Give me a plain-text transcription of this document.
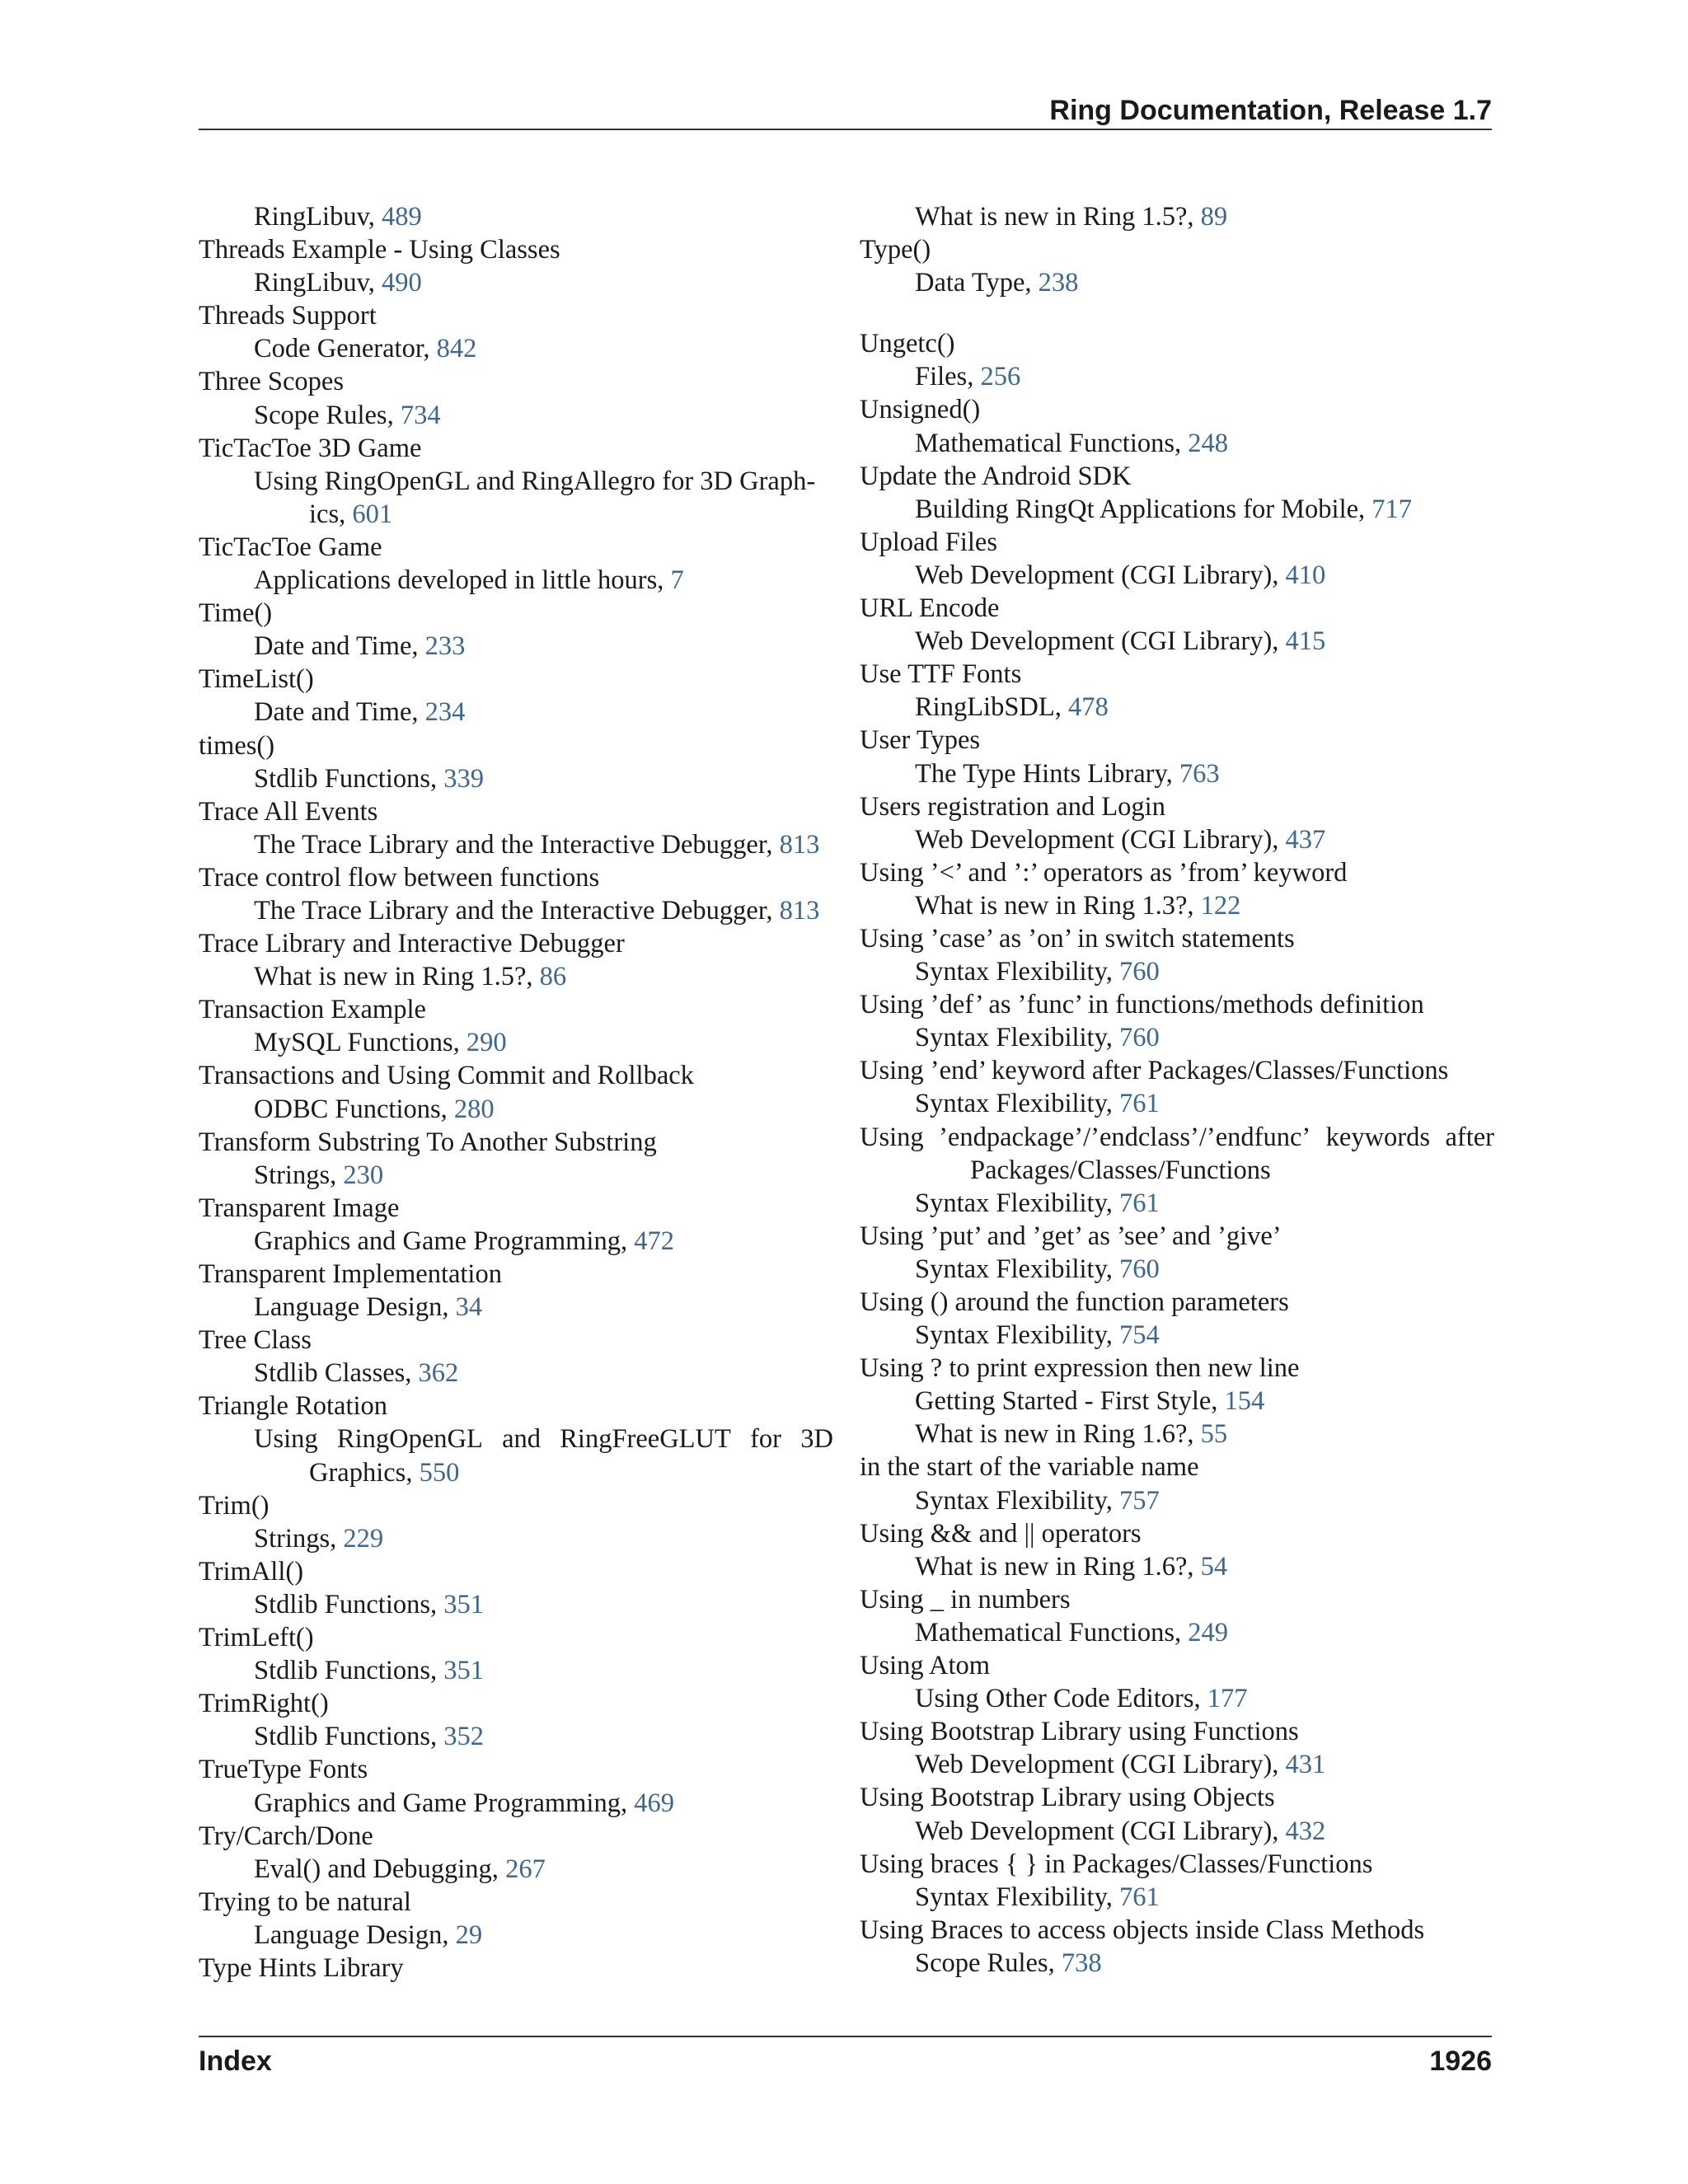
Ring Documentation, Release 1.7
RingLibuv, 489
Threads Example - Using Classes
RingLibuv, 490
Threads Support
Code Generator, 842
Three Scopes
Scope Rules, 734
TicTacToe 3D Game
Using RingOpenGL and RingAllegro for 3D Graph-
ics, 601
TicTacToe Game
Applications developed in little hours, 7
Time()
Date and Time, 233
TimeList()
Date and Time, 234
times()
Stdlib Functions, 339
Trace All Events
The Trace Library and the Interactive Debugger, 813
Trace control flow between functions
The Trace Library and the Interactive Debugger, 813
Trace Library and Interactive Debugger
What is new in Ring 1.5?, 86
Transaction Example
MySQL Functions, 290
Transactions and Using Commit and Rollback
ODBC Functions, 280
Transform Substring To Another Substring
Strings, 230
Transparent Image
Graphics and Game Programming, 472
Transparent Implementation
Language Design, 34
Tree Class
Stdlib Classes, 362
Triangle Rotation
Using RingOpenGL and RingFreeGLUT for 3D
Graphics, 550
Trim()
Strings, 229
TrimAll()
Stdlib Functions, 351
TrimLeft()
Stdlib Functions, 351
TrimRight()
Stdlib Functions, 352
TrueType Fonts
Graphics and Game Programming, 469
Try/Carch/Done
Eval() and Debugging, 267
Trying to be natural
Language Design, 29
Type Hints Library
What is new in Ring 1.5?, 89
Type()
Data Type, 238
Ungetc()
Files, 256
Unsigned()
Mathematical Functions, 248
Update the Android SDK
Building RingQt Applications for Mobile, 717
Upload Files
Web Development (CGI Library), 410
URL Encode
Web Development (CGI Library), 415
Use TTF Fonts
RingLibSDL, 478
User Types
The Type Hints Library, 763
Users registration and Login
Web Development (CGI Library), 437
Using ’<’ and ’:’ operators as ’from’ keyword
What is new in Ring 1.3?, 122
Using ’case’ as ’on’ in switch statements
Syntax Flexibility, 760
Using ’def’ as ’func’ in functions/methods definition
Syntax Flexibility, 760
Using ’end’ keyword after Packages/Classes/Functions
Syntax Flexibility, 761
Using ’endpackage’/’endclass’/’endfunc’ keywords after
Packages/Classes/Functions
Syntax Flexibility, 761
Using ’put’ and ’get’ as ’see’ and ’give’
Syntax Flexibility, 760
Using () around the function parameters
Syntax Flexibility, 754
Using ? to print expression then new line
Getting Started - First Style, 154
What is new in Ring 1.6?, 55
in the start of the variable name
Syntax Flexibility, 757
Using && and || operators
What is new in Ring 1.6?, 54
Using _ in numbers
Mathematical Functions, 249
Using Atom
Using Other Code Editors, 177
Using Bootstrap Library using Functions
Web Development (CGI Library), 431
Using Bootstrap Library using Objects
Web Development (CGI Library), 432
Using braces { } in Packages/Classes/Functions
Syntax Flexibility, 761
Using Braces to access objects inside Class Methods
Scope Rules, 738
Index	1926
